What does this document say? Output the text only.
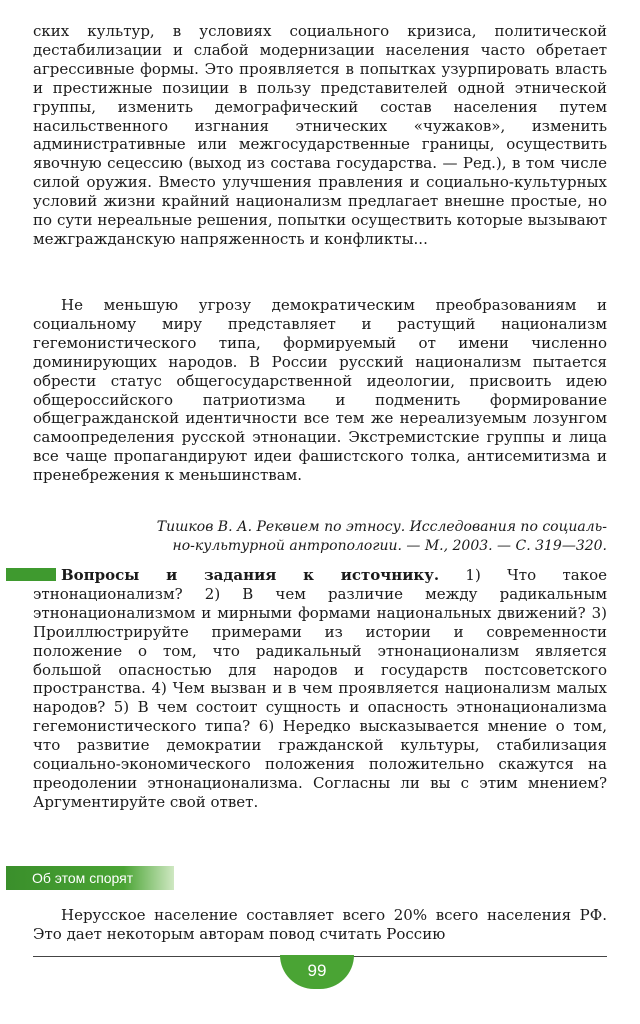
ских культур, в условиях социального кризиса, политической дестабилизации и слабой модернизации населения часто обретает агрессивные формы. Это проявляется в попытках узурпировать власть и престижные позиции в пользу представителей одной этнической группы, изменить демографический состав населения путем насильственного изгнания этнических «чужаков», изменить административные или межгосударственные границы, осуществить явочную сецессию (выход из состава государства. — Ред.), в том числе силой оружия. Вместо улучшения правления и социально-культурных условий жизни крайний национализм предлагает внешне простые, но по сути нереальные решения, попытки осуществить которые вызывают межгражданскую напряженность и конфликты...

Не меньшую угрозу демократическим преобразованиям и социальному миру представляет и растущий национализм гегемонистического типа, формируемый от имени численно доминирующих народов. В России русский национализм пытается обрести статус общегосударственной идеологии, присвоить идею общероссийского патриотизма и подменить формирование общегражданской идентичности все тем же нереализуемым лозунгом самоопределения русской этнонации. Экстремистские группы и лица все чаще пропагандируют идеи фашистского толка, антисемитизма и пренебрежения к меньшинствам.

Тишков В. А. Реквием по этносу. Исследования по социаль-
но-культурной антропологии. — М., 2003. — С. 319—320.

Вопросы и задания к источнику. 1) Что такое этнонационализм? 2) В чем различие между радикальным этнонационализмом и мирными формами национальных движений? 3) Проиллюстрируйте примерами из истории и современности положение о том, что радикальный этнонационализм является большой опасностью для народов и государств постсоветского пространства. 4) Чем вызван и в чем проявляется национализм малых народов? 5) В чем состоит сущность и опасность этнонационализма гегемонистического типа? 6) Нередко высказывается мнение о том, что развитие демократии гражданской культуры, стабилизация социально-экономического положения положительно скажутся на преодолении этнонационализма. Согласны ли вы с этим мнением? Аргументируйте свой ответ.

Об этом спорят

Нерусское население составляет всего 20% всего населения РФ. Это дает некоторым авторам повод считать Россию

99
